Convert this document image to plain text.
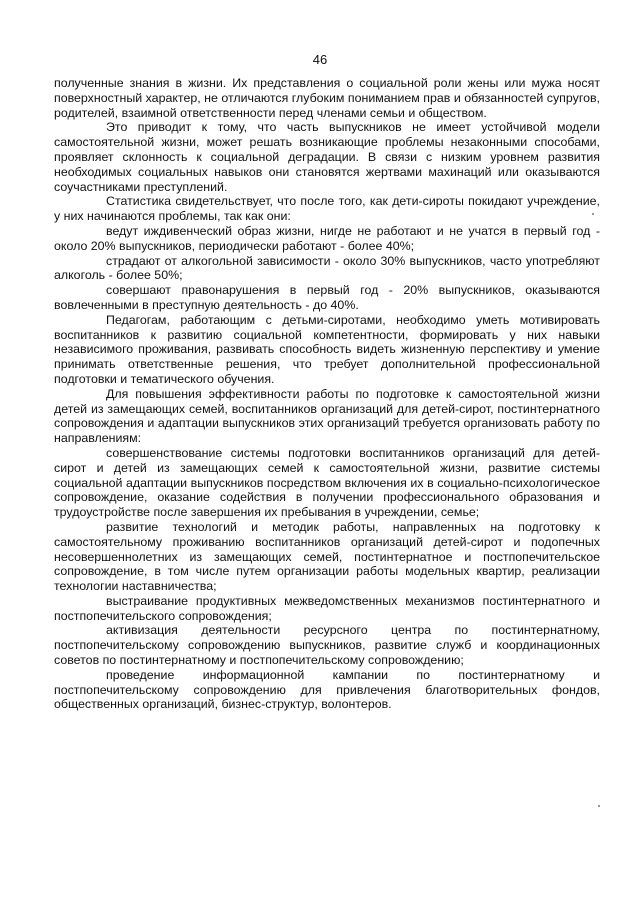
46

полученные знания в жизни. Их представления о социальной роли жены или мужа носят поверхностный характер, не отличаются глубоким пониманием прав и обязанностей супругов, родителей, взаимной ответственности перед членами семьи и обществом.

Это приводит к тому, что часть выпускников не имеет устойчивой модели самостоятельной жизни, может решать возникающие проблемы незаконными способами, проявляет склонность к социальной деградации. В связи с низким уровнем развития необходимых социальных навыков они становятся жертвами махинаций или оказываются соучастниками преступлений.

Статистика свидетельствует, что после того, как дети-сироты покидают учреждение, у них начинаются проблемы, так как они:

ведут иждивенческий образ жизни, нигде не работают и не учатся в первый год - около 20% выпускников, периодически работают - более 40%;

страдают от алкогольной зависимости - около 30% выпускников, часто употребляют алкоголь - более 50%;

совершают правонарушения в первый год - 20% выпускников, оказываются вовлеченными в преступную деятельность - до 40%.

Педагогам, работающим с детьми-сиротами, необходимо уметь мотивировать воспитанников к развитию социальной компетентности, формировать у них навыки независимого проживания, развивать способность видеть жизненную перспективу и умение принимать ответственные решения, что требует дополнительной профессиональной подготовки и тематического обучения.

Для повышения эффективности работы по подготовке к самостоятельной жизни детей из замещающих семей, воспитанников организаций для детей-сирот, постинтернатного сопровождения и адаптации выпускников этих организаций требуется организовать работу по направлениям:

совершенствование системы подготовки воспитанников организаций для детей-сирот и детей из замещающих семей к самостоятельной жизни, развитие системы социальной адаптации выпускников посредством включения их в социально-психологическое сопровождение, оказание содействия в получении профессионального образования и трудоустройстве после завершения их пребывания в учреждении, семье;

развитие технологий и методик работы, направленных на подготовку к самостоятельному проживанию воспитанников организаций детей-сирот и подопечных несовершеннолетних из замещающих семей, постинтернатное и постпопечительское сопровождение, в том числе путем организации работы модельных квартир, реализации технологии наставничества;

выстраивание продуктивных межведомственных механизмов постинтернатного и постпопечительского сопровождения;

активизация деятельности ресурсного центра по постинтернатному, постпопечительскому сопровождению выпускников, развитие служб и координационных советов по постинтернатному и постпопечительскому сопровождению;

проведение информационной кампании по постинтернатному и постпопечительскому сопровождению для привлечения благотворительных фондов, общественных организаций, бизнес-структур, волонтеров.
